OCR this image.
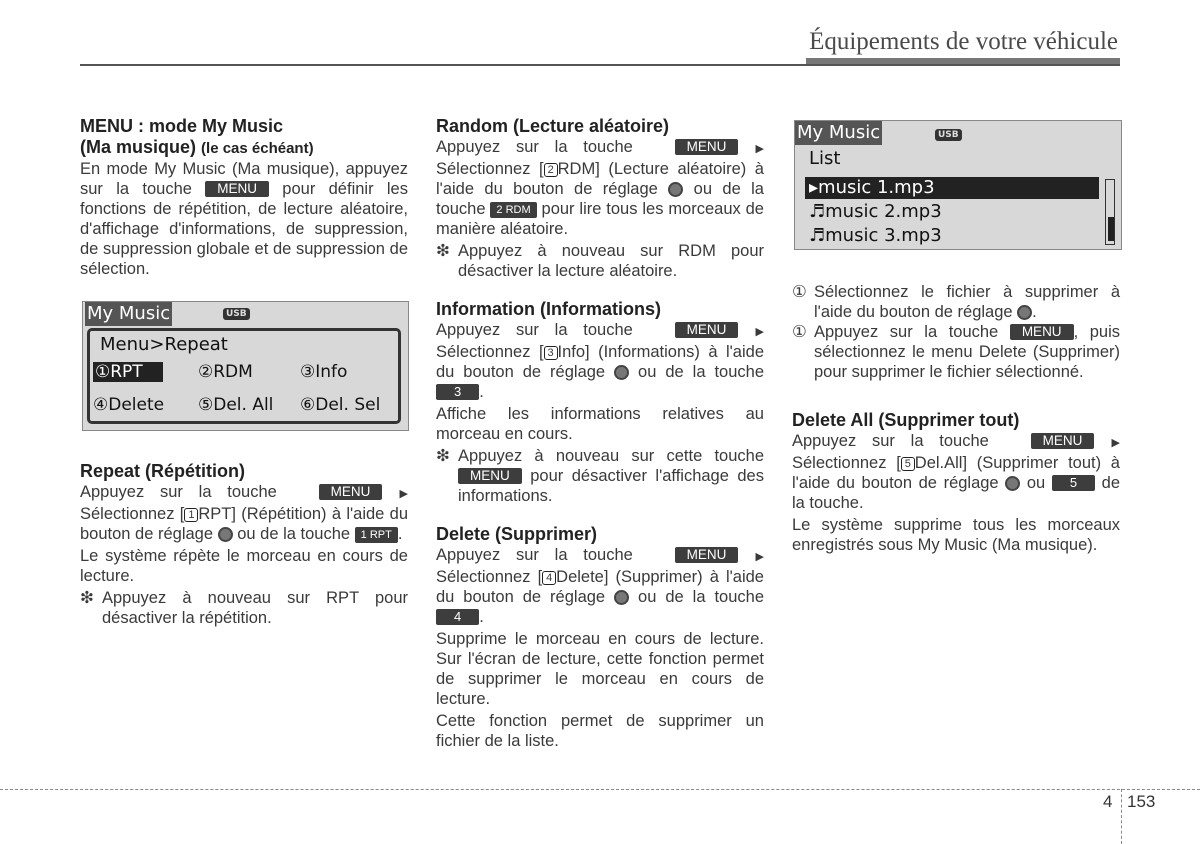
Équipements de votre véhicule
MENU : mode My Music
(Ma musique) (le cas échéant)

En mode My Music (Ma musique), appuyez sur la touche MENU pour définir les fonctions de répétition, de lecture aléatoire, d'affichage d'informations, de suppression, de suppression globale et de suppression de sélection.

My Music	USB
Menu>Repeat
①RPT	②RDM	③Info
④Delete ⑤Del. All ⑥Del. Sel
Repeat (Répétition)

Appuyez sur la touche	MENU ▶ Sélectionnez [ 1 RPT] (Répétition) à l'aide du bouton de réglage ou de la touche 1 RPT .

Le système répète le morceau en cours de lecture.

❇ Appuyez à nouveau sur RPT pour désactiver la répétition.
Random (Lecture aléatoire)

Appuyez sur la touche	MENU ▶ Sélectionnez [ 2 RDM] (Lecture aléatoire) à l'aide du bouton de réglage ou de la touche 2 RDM pour lire tous les morceaux de manière aléatoire.

❇ Appuyez à nouveau sur RDM pour désactiver la lecture aléatoire.
Information (Informations)

Appuyez sur la touche	MENU ▶ Sélectionnez [ 3 Info] (Informations) à l'aide du bouton de réglage ou de la touche 3 .

Affiche les informations relatives au morceau en cours.

❇ Appuyez à nouveau sur cette touche MENU pour désactiver l'affichage des informations.
Delete (Supprimer)

Appuyez sur la touche	MENU ▶ Sélectionnez [ 4 Delete] (Supprimer) à l'aide du bouton de réglage ou de la touche 4 .

Supprime le morceau en cours de lecture. Sur l'écran de lecture, cette fonction permet de supprimer le morceau en cours de lecture.

Cette fonction permet de supprimer un fichier de la liste.

My Music	USB
List
▸music 1.mp3
♬music 2.mp3
♬music 3.mp3
① Sélectionnez le fichier à supprimer à l'aide du bouton de réglage .
① Appuyez sur la touche MENU , puis sélectionnez le menu Delete (Supprimer) pour supprimer le fichier sélectionné.
Delete All (Supprimer tout)

Appuyez sur la touche	MENU ▶ Sélectionnez [ 5 Del.All] (Supprimer tout) à l'aide du bouton de réglage ou 5 de la touche.

Le système supprime tous les morceaux enregistrés sous My Music (Ma musique).

4 153
